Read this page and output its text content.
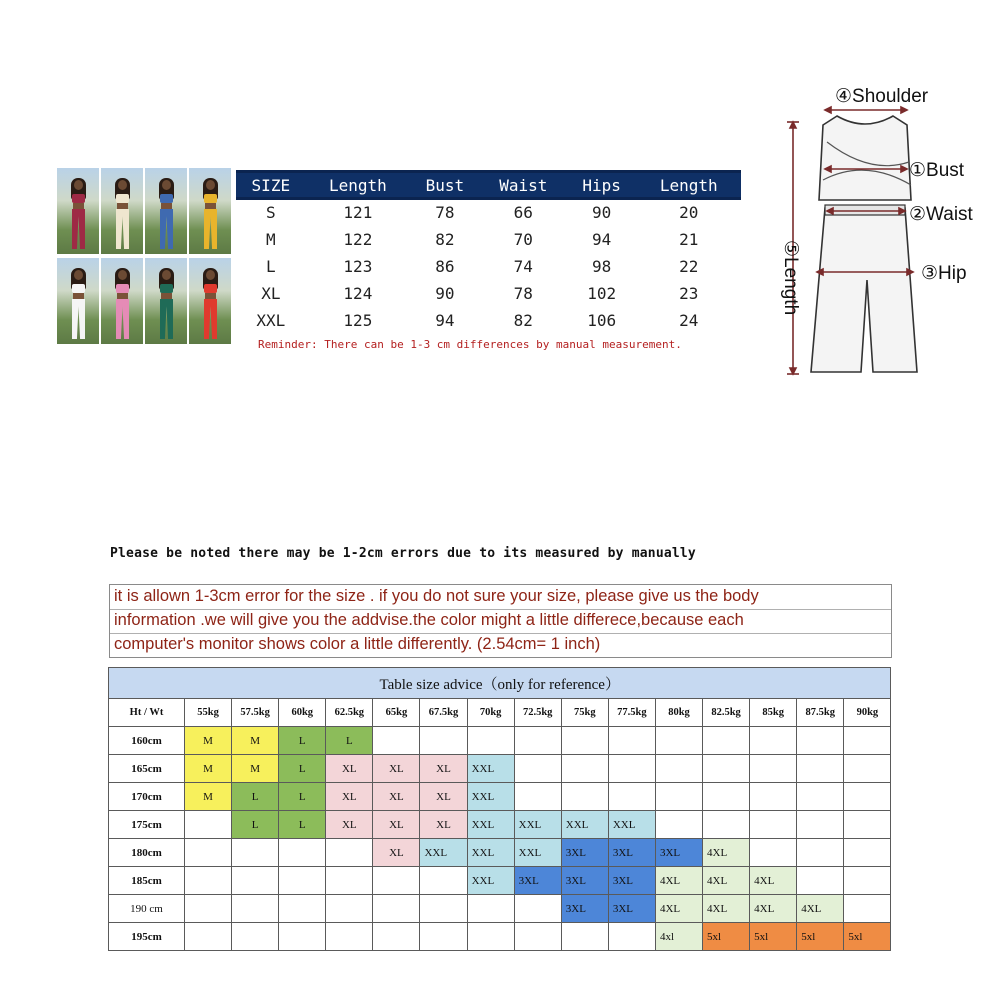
SIZE	Length	Bust	Waist	Hips	Length
S	121	78	66	90	20
M	122	82	70	94	21
L	123	86	74	98	22
XL	124	90	78	102	23
XXL	125	94	82	106	24
Reminder: There can be 1-3 cm differences by manual measurement.
④Shoulder
①Bust
②Waist
③Hip
⑤Length
Please be noted there may be 1-2cm errors due to its measured by manually
it is allown 1-3cm error for the size . if you do not sure your size, please give us the body
information .we will give you the addvise.the color might a little differece,because each
computer's monitor shows color a little differently. (2.54cm= 1 inch)
Table size advice（only for reference）															
Ht / Wt	55kg	57.5kg	60kg	62.5kg	65kg	67.5kg	70kg	72.5kg	75kg	77.5kg	80kg	82.5kg	85kg	87.5kg	90kg
160cm	M	M	L	L											
165cm	M	M	L	XL	XL	XL	XXL								
170cm	M	L	L	XL	XL	XL	XXL								
175cm		L	L	XL	XL	XL	XXL	XXL	XXL	XXL					
180cm					XL	XXL	XXL	XXL	3XL	3XL	3XL	4XL			
185cm							XXL	3XL	3XL	3XL	4XL	4XL	4XL		
190 cm									3XL	3XL	4XL	4XL	4XL	4XL	
195cm											4xl	5xl	5xl	5xl	5xl
